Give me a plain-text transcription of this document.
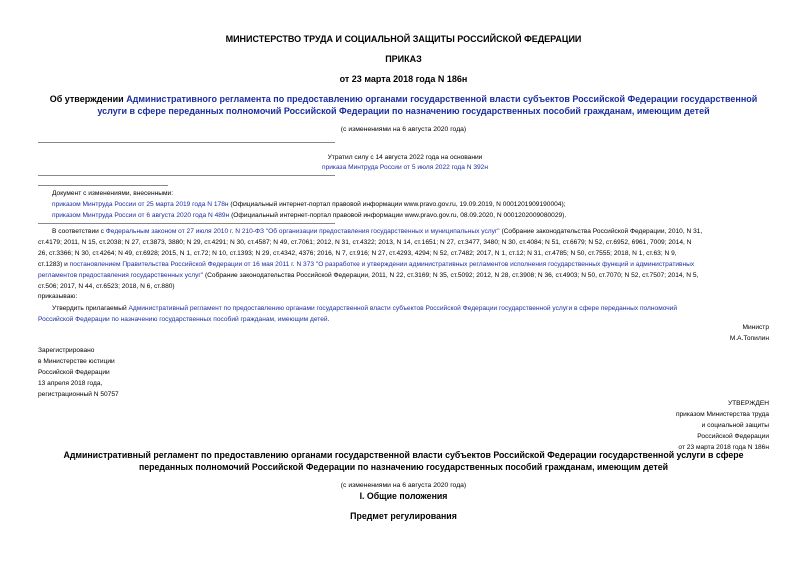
МИНИСТЕРСТВО ТРУДА И СОЦИАЛЬНОЙ ЗАЩИТЫ РОССИЙСКОЙ ФЕДЕРАЦИИ
ПРИКАЗ
от 23 марта 2018 года N 186н
Об утверждении Административного регламента по предоставлению органами государственной власти субъектов Российской Федерации государственной
услуги в сфере переданных полномочий Российской Федерации по назначению государственных пособий гражданам, имеющим детей
(с изменениями на 6 августа 2020 года)
Утратил силу с 14 августа 2022 года на основании
приказа Минтруда России от 5 июля 2022 года N 392н
Документ с изменениями, внесенными:
приказом Минтруда России от 25 марта 2019 года N 178н (Официальный интернет-портал правовой информации www.pravo.gov.ru, 19.09.2019, N 0001201909190004);
приказом Минтруда России от 6 августа 2020 года N 489н (Официальный интернет-портал правовой информации www.pravo.gov.ru, 08.09.2020, N 0001202009080029).
В соответствии с Федеральным законом от 27 июля 2010 г. N 210-ФЗ "Об организации предоставления государственных и муниципальных услуг" (Собрание законодательства Российской Федерации, 2010, N 31,
ст.4179; 2011, N 15, ст.2038; N 27, ст.3873, 3880; N 29, ст.4291; N 30, ст.4587; N 49, ст.7061; 2012, N 31, ст.4322; 2013, N 14, ст.1651; N 27, ст.3477, 3480; N 30, ст.4084; N 51, ст.6679; N 52, ст.6952, 6961, 7009; 2014, N
26, ст.3366; N 30, ст.4264; N 49, ст.6928; 2015, N 1, ст.72; N 10, ст.1393; N 29, ст.4342, 4376; 2016, N 7, ст.916; N 27, ст.4293, 4294; N 52, ст.7482; 2017, N 1, ст.12; N 31, ст.4785; N 50, ст.7555; 2018, N 1, ст.63; N 9,
ст.1283) и постановлением Правительства Российской Федерации от 16 мая 2011 г. N 373 "О разработке и утверждении административных регламентов исполнения государственных функций и административных
регламентов предоставления государственных услуг" (Собрание законодательства Российской Федерации, 2011, N 22, ст.3169; N 35, ст.5092; 2012, N 28, ст.3908; N 36, ст.4903; N 50, ст.7070; N 52, ст.7507; 2014, N 5,
ст.506; 2017, N 44, ст.6523; 2018, N 6, ст.880)
приказываю:
Утвердить прилагаемый Административный регламент по предоставлению органами государственной власти субъектов Российской Федерации государственной услуги в сфере переданных полномочий
Российской Федерации по назначению государственных пособий гражданам, имеющим детей.
Министр
М.А.Топилин
Зарегистрировано
в Министерстве юстиции
Российской Федерации
13 апреля 2018 года,
регистрационный N 50757
УТВЕРЖДЕН
приказом Министерства труда
и социальной защиты
Российской Федерации
от 23 марта 2018 года N 186н
Административный регламент по предоставлению органами государственной власти субъектов Российской Федерации государственной услуги в сфере
переданных полномочий Российской Федерации по назначению государственных пособий гражданам, имеющим детей
(с изменениями на 6 августа 2020 года)
I. Общие положения
Предмет регулирования
